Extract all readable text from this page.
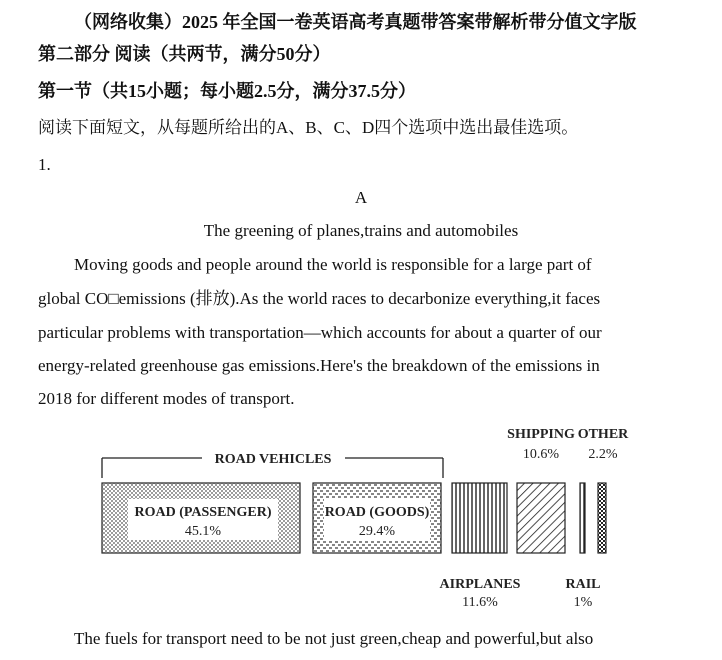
（网络收集）2025 年全国一卷英语高考真题带答案带解析带分值文字版
第二部分 阅读（共两节，满分50分）
第一节（共15小题；每小题2.5分，满分37.5分）
阅读下面短文，从每题所给出的A、B、C、D四个选项中选出最佳选项。
1.
A
The greening of planes,trains and automobiles
Moving goods and people around the world is responsible for a large part of
global CO□emissions (排放).As the world races to decarbonize everything,it faces
particular problems with transportation—which accounts for about a quarter of our
energy-related greenhouse gas emissions.Here's the breakdown of the emissions in
2018 for different modes of transport.
ROAD VEHICLES
ROAD (PASSENGER)
45.1%
ROAD (GOODS)
29.4%
AIRPLANES
11.6%
SHIPPING
10.6%
RAIL
1%
OTHER
2.2%
The fuels for transport need to be not just green,cheap and powerful,but also
